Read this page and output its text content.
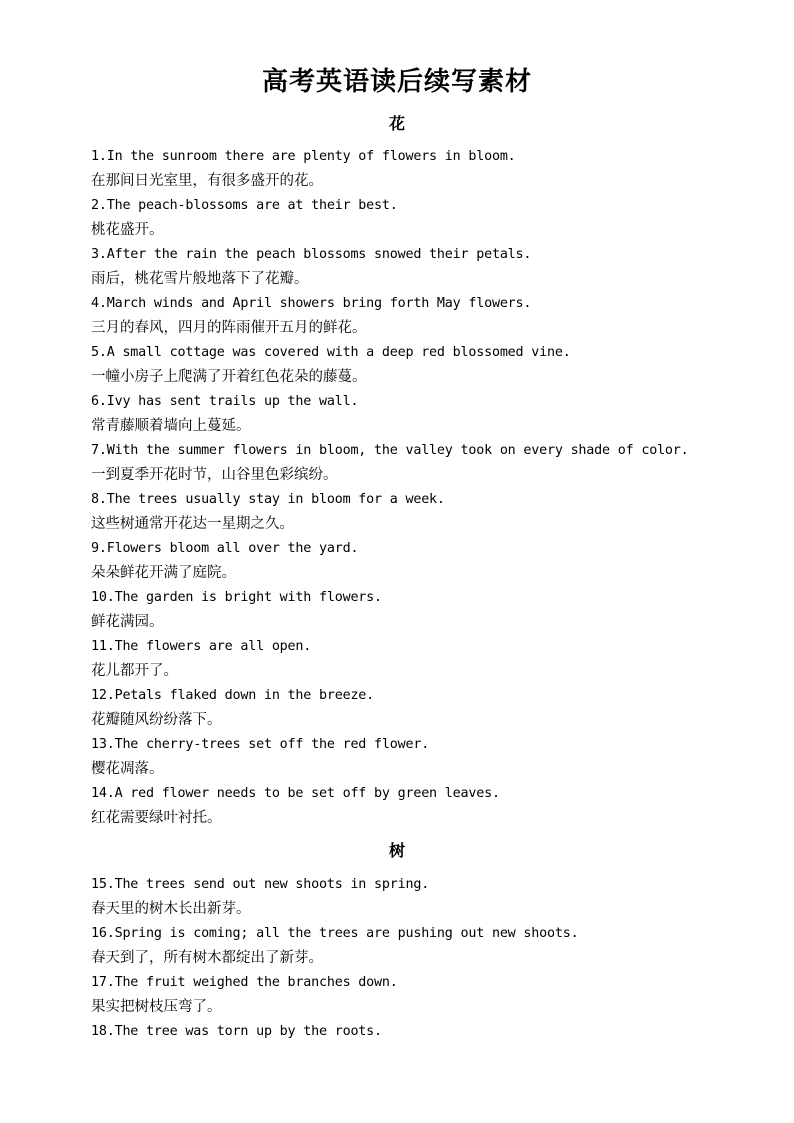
高考英语读后续写素材
花
1.In the sunroom there are plenty of flowers in bloom.
在那间日光室里，有很多盛开的花。
2.The peach-blossoms are at their best.
桃花盛开。
3.After the rain the peach blossoms snowed their petals.
雨后，桃花雪片般地落下了花瓣。
4.March winds and April showers bring forth May flowers.
三月的春风，四月的阵雨催开五月的鲜花。
5.A small cottage was covered with a deep red blossomed vine.
一幢小房子上爬满了开着红色花朵的藤蔓。
6.Ivy has sent trails up the wall.
常青藤顺着墙向上蔓延。
7.With the summer flowers in bloom, the valley took on every shade of color.
一到夏季开花时节，山谷里色彩缤纷。
8.The trees usually stay in bloom for a week.
这些树通常开花达一星期之久。
9.Flowers bloom all over the yard.
朵朵鲜花开满了庭院。
10.The garden is bright with flowers.
鲜花满园。
11.The flowers are all open.
花儿都开了。
12.Petals flaked down in the breeze.
花瓣随风纷纷落下。
13.The cherry-trees set off the red flower.
樱花凋落。
14.A red flower needs to be set off by green leaves.
红花需要绿叶衬托。
树
15.The trees send out new shoots in spring.
春天里的树木长出新芽。
16.Spring is coming; all the trees are pushing out new shoots.
春天到了，所有树木都绽出了新芽。
17.The fruit weighed the branches down.
果实把树枝压弯了。
18.The tree was torn up by the roots.
